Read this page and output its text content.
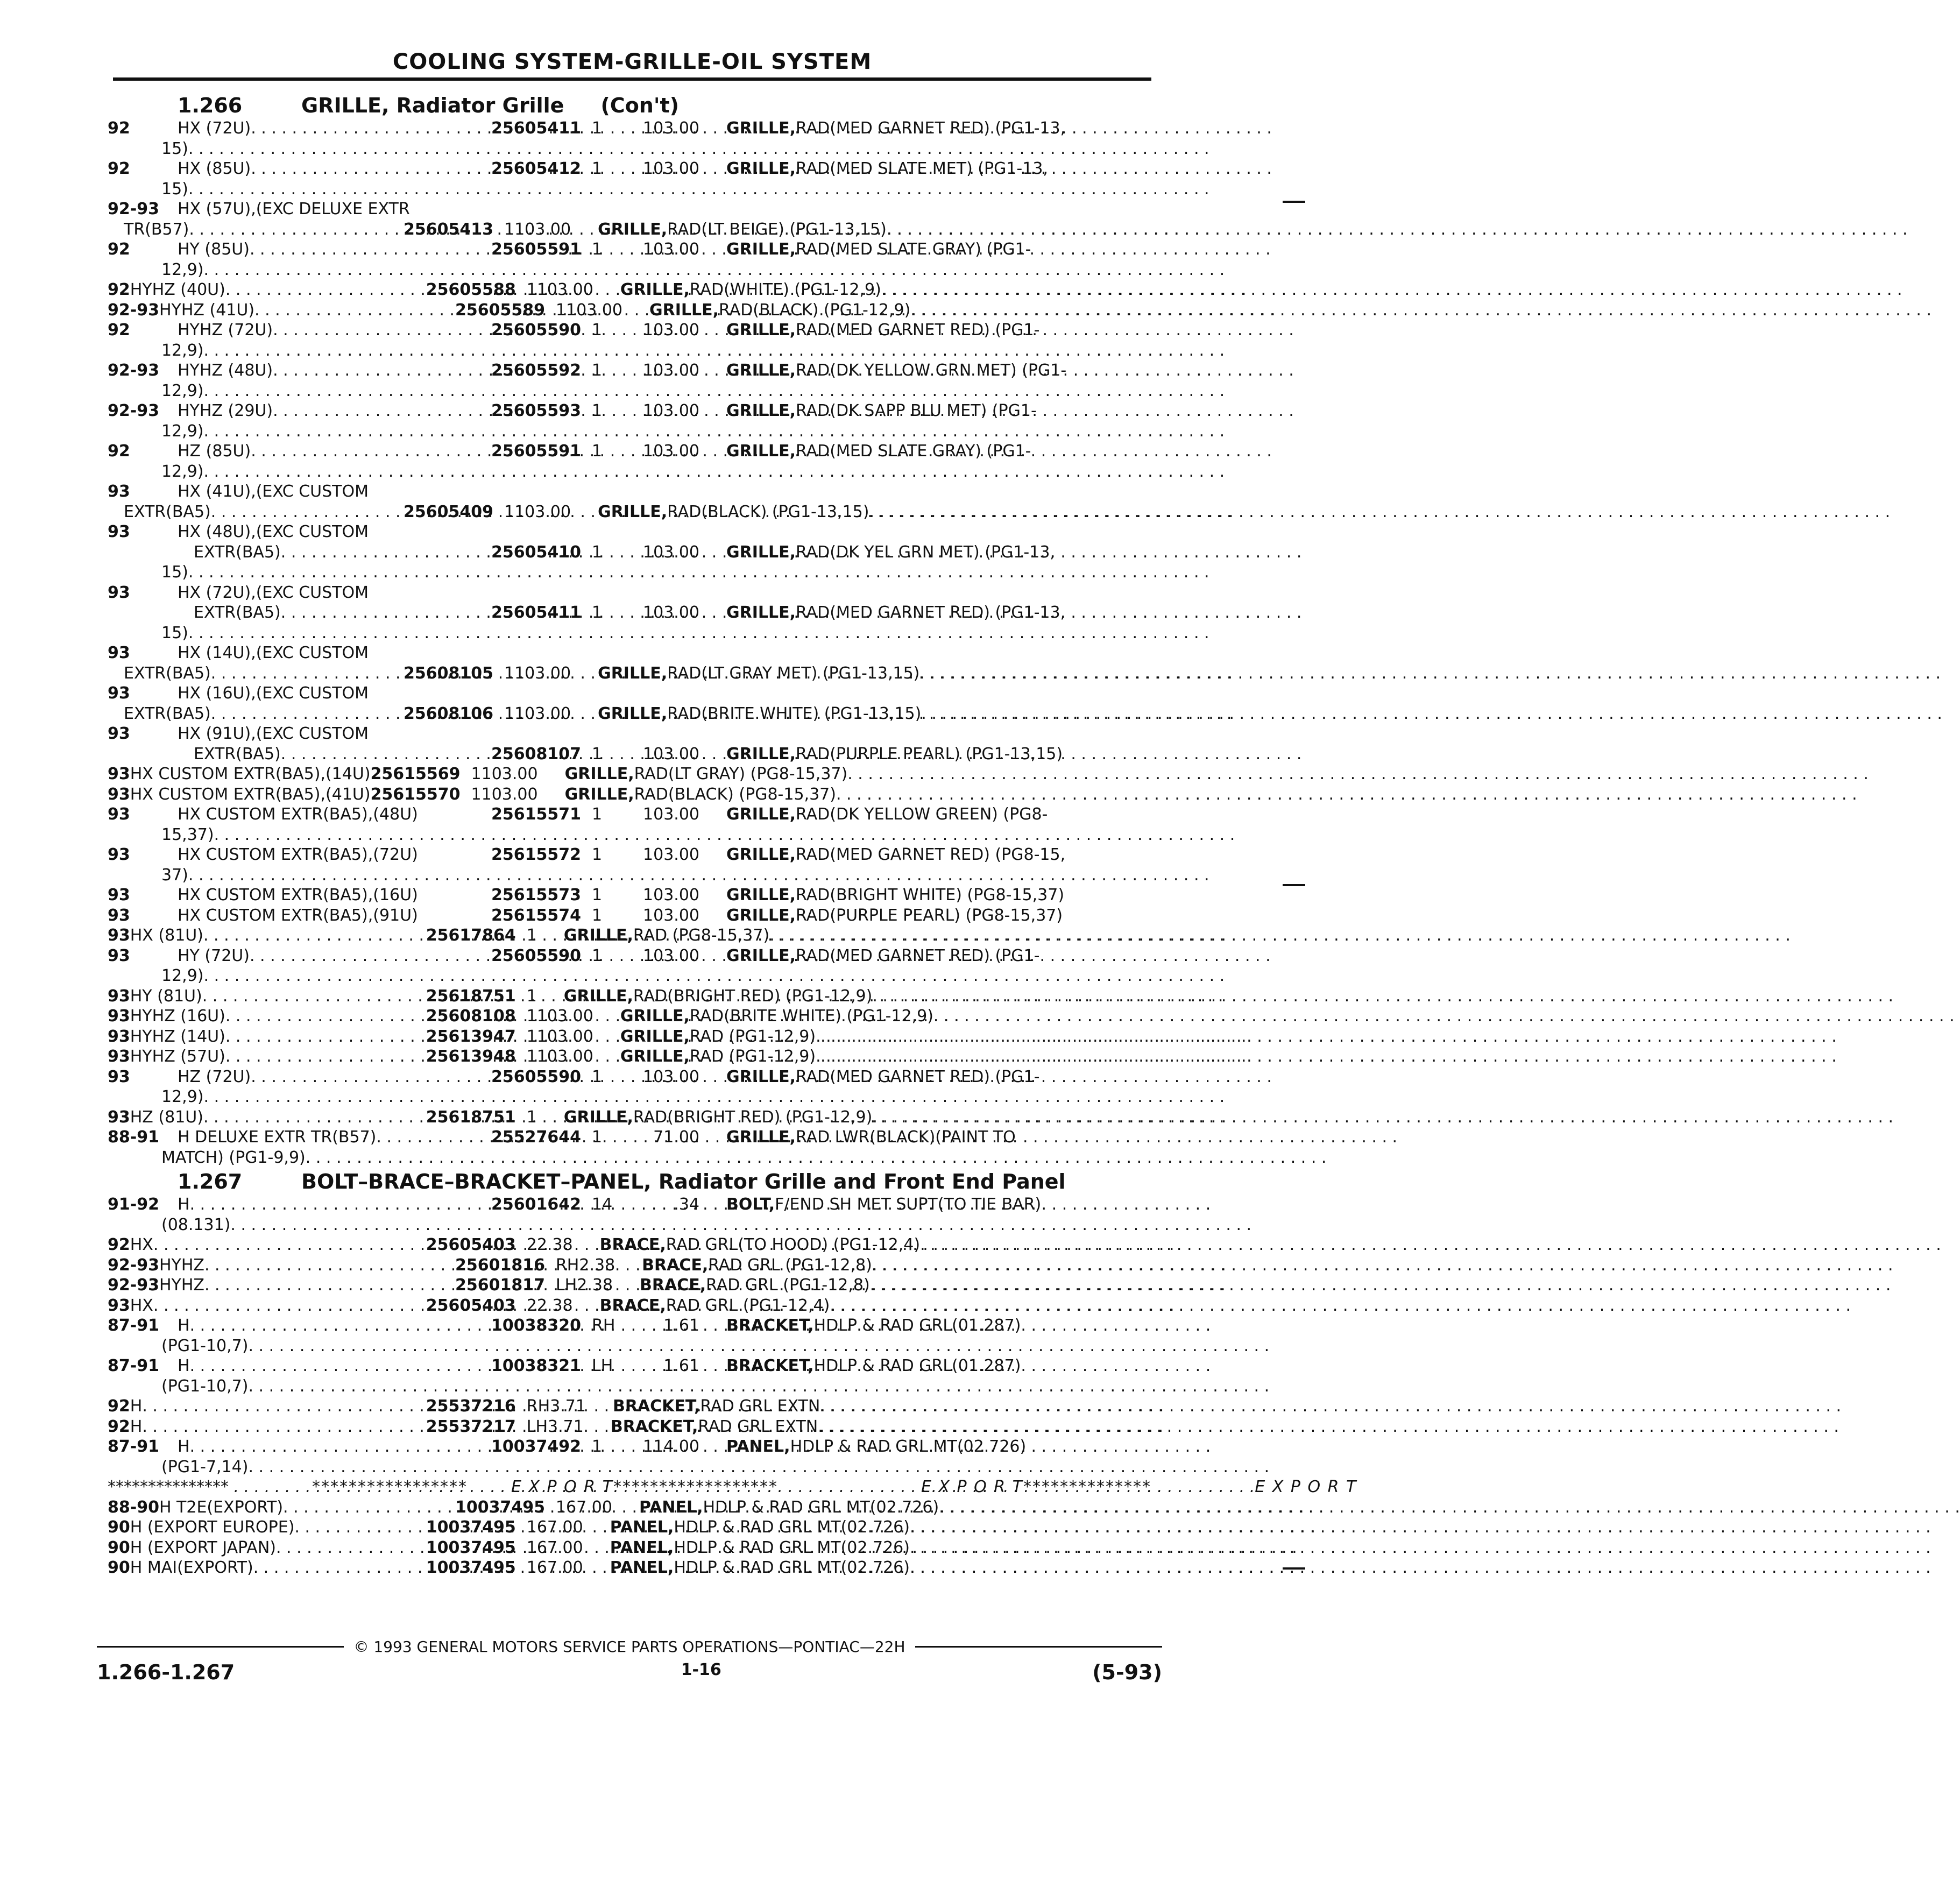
COOLING SYSTEM-GRILLE-OIL SYSTEM
1.266	GRILLE, Radiator Grille (Con't)
92	HX (72U) . . .	25605411 1	103.00 GRILLE, RAD(MED GARNET RED) (PG1-13,
15)
. . .
92	HX (85U) . . .	25605412 1	103.00 GRILLE, RAD(MED SLATE MET) (PG1-13,
15)
. . .
92-93	HX (57U),(EXC DELUXE EXTR
TR(B57) . . .	25605413 1 103.00 GRILLE, RAD(LT BEIGE) (PG1-13,15)
. . .
92	HY (85U) . . .	25605591 1	103.00 GRILLE, RAD(MED SLATE GRAY) (PG1-
12,9)
. . .
92 HYHZ (40U) . . .	25605588 1 103.00 GRILLE, RAD(WHITE) (PG1-12,9)
. . .
92-93 HYHZ (41U) . . .	25605589 1 103.00 GRILLE, RAD(BLACK) (PG1-12,9)
. . .
92	HYHZ (72U) . . .	25605590 1	103.00 GRILLE, RAD(MED GARNET RED) (PG1-
12,9)
. . .
92-93	HYHZ (48U) . . .	25605592 1	103.00 GRILLE, RAD(DK YELLOW GRN MET) (PG1-
12,9)
. . .
92-93	HYHZ (29U) . . .	25605593 1	103.00 GRILLE, RAD(DK SAPP BLU MET) (PG1-
12,9)
. . .
92	HZ (85U) . . .	25605591 1	103.00 GRILLE, RAD(MED SLATE GRAY) (PG1-
12,9)
. . .
93	HX (41U),(EXC CUSTOM
EXTR(BA5) . . .	25605409 1 103.00 GRILLE, RAD(BLACK) (PG1-13,15)
. . .
93	HX (48U),(EXC CUSTOM
EXTR(BA5) . . .	25605410 1	103.00 GRILLE, RAD(DK YEL GRN MET) (PG1-13,
15)
. . .
93	HX (72U),(EXC CUSTOM
EXTR(BA5) . . .	25605411 1	103.00 GRILLE, RAD(MED GARNET RED) (PG1-13,
15)
. . .
93	HX (14U),(EXC CUSTOM
EXTR(BA5) . . .	25608105 1 103.00 GRILLE, RAD(LT GRAY MET) (PG1-13,15)
. . .
93	HX (16U),(EXC CUSTOM
EXTR(BA5) . . .	25608106 1 103.00 GRILLE, RAD(BRITE WHITE) (PG1-13,15)
. . .
93	HX (91U),(EXC CUSTOM
EXTR(BA5) . . .	25608107 1	103.00 GRILLE, RAD(PURPLE PEARL) (PG1-13,15)
93 HX CUSTOM EXTR(BA5),(14U) 25615569 1 103.00 GRILLE, RAD(LT GRAY) (PG8-15,37)
. . .
93 HX CUSTOM EXTR(BA5),(41U) 25615570 1 103.00 GRILLE, RAD(BLACK) (PG8-15,37)
. . .
93	HX CUSTOM EXTR(BA5),(48U)	25615571 1	103.00 GRILLE, RAD(DK YELLOW GREEN) (PG8-
15,37)
. . .
93	HX CUSTOM EXTR(BA5),(72U)	25615572 1	103.00 GRILLE, RAD(MED GARNET RED) (PG8-15,
37)
. . .
93	HX CUSTOM EXTR(BA5),(16U)	25615573 1	103.00 GRILLE, RAD(BRIGHT WHITE) (PG8-15,37)
93	HX CUSTOM EXTR(BA5),(91U)	25615574 1	103.00 GRILLE, RAD(PURPLE PEARL) (PG8-15,37)
93 HX (81U) . . .	25617864 1 GRILLE, RAD (PG8-15,37)
. . .
93	HY (72U) . . .	25605590 1	103.00 GRILLE, RAD(MED GARNET RED) (PG1-
12,9)
. . .
93 HY (81U) . . .	25618751 1 GRILLE, RAD(BRIGHT RED) (PG1-12,9)
. . .
93 HYHZ (16U) . . .	25608108 1 103.00 GRILLE, RAD(BRITE WHITE) (PG1-12,9)
. . .
93 HYHZ (14U) . . .	25613947 1 103.00 GRILLE, RAD (PG1-12,9)
. . .
93 HYHZ (57U) . . .	25613948 1 103.00 GRILLE, RAD (PG1-12,9)
. . .
93	HZ (72U) . . .	25605590 1	103.00 GRILLE, RAD(MED GARNET RED) (PG1-
12,9)
. . .
93 HZ (81U) . . .	25618751 1 GRILLE, RAD(BRIGHT RED) (PG1-12,9)
. . .
88-91	H DELUXE EXTR TR(B57) . . .	25527644 1	71.00 GRILLE, RAD LWR(BLACK)(PAINT TO
MATCH) (PG1-9,9)
. . .
1.267	BOLT–BRACE–BRACKET–PANEL, Radiator Grille and Front End Panel
91-92	H . . .	25601642 14	.34 BOLT, F/END SH MET SUPT(TO TIE BAR)
(08.131)
. . .
92 HX . . .	25605403 2 2.38 BRACE, RAD GRL(TO HOOD) (PG1-12,4)
. . .
92-93 HYHZ . . .	25601816 RH 2.38 BRACE, RAD GRL (PG1-12,8)
. . .
92-93 HYHZ . . .	25601817 LH 2.38 BRACE, RAD GRL (PG1-12,8)
. . .
93 HX . . .	25605403 2 2.38 BRACE, RAD GRL (PG1-12,4)
. . .
87-91	H . . .	10038320 RH	1.61 BRACKET, HDLP & RAD GRL(01.287)
(PG1-10,7)
. . .
87-91	H . . .	10038321 LH	1.61 BRACKET, HDLP & RAD GRL(01.287)
(PG1-10,7)
. . .
92 H . . .	25537216 RH 3.71 BRACKET, RAD GRL EXTN
. . .
92 H . . .	25537217 LH 3.71 BRACKET, RAD GRL EXTN
. . .
87-91	H . . .	10037492 1	114.00 PANEL, HDLP & RAD GRL MT(02.726)
(PG1-7,14)
. . .
*************** . . .	E X P O R T
*****************	E X P O R T ******************	E X P O R T **************
88-90 H T2E(EXPORT) . . .	10037495 1 67.00 PANEL, HDLP & RAD GRL MT(02.726)
. . .
90 H (EXPORT EUROPE) . . .	10037495 1 67.00 PANEL, HDLP & RAD GRL MT(02.726)
. . .
90 H (EXPORT JAPAN) . . .	10037495 1 67.00 PANEL, HDLP & RAD GRL MT(02.726)
. . .
90 H MAI(EXPORT) . . .	10037495 1 67.00 PANEL, HDLP & RAD GRL MT(02.726)
. . .
© 1993 GENERAL MOTORS SERVICE PARTS OPERATIONS—PONTIAC—22H
1.266-1.267	1-16	(5-93)
